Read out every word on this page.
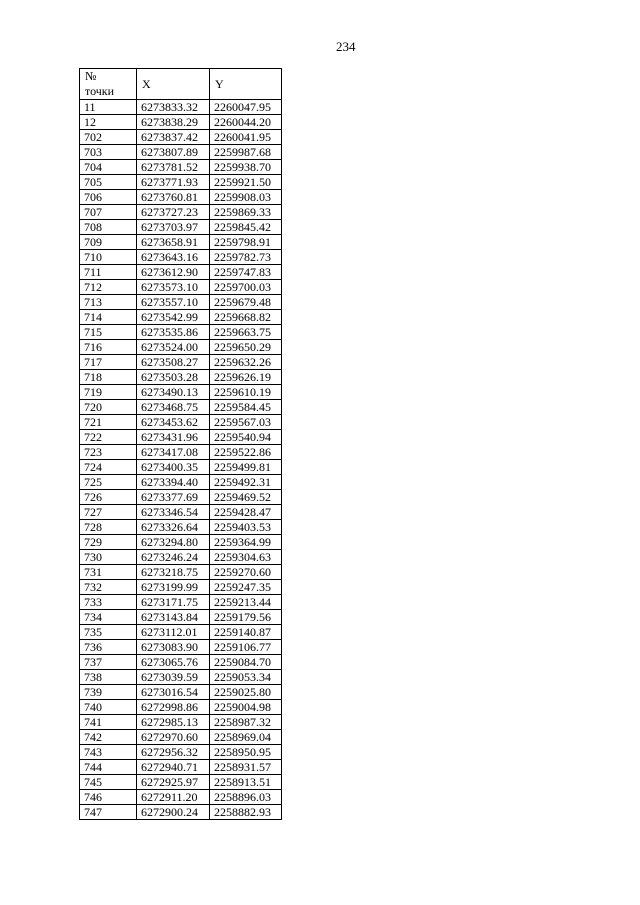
234
№
точки	X	Y
11	6273833.32	2260047.95
12	6273838.29	2260044.20
702	6273837.42	2260041.95
703	6273807.89	2259987.68
704	6273781.52	2259938.70
705	6273771.93	2259921.50
706	6273760.81	2259908.03
707	6273727.23	2259869.33
708	6273703.97	2259845.42
709	6273658.91	2259798.91
710	6273643.16	2259782.73
711	6273612.90	2259747.83
712	6273573.10	2259700.03
713	6273557.10	2259679.48
714	6273542.99	2259668.82
715	6273535.86	2259663.75
716	6273524.00	2259650.29
717	6273508.27	2259632.26
718	6273503.28	2259626.19
719	6273490.13	2259610.19
720	6273468.75	2259584.45
721	6273453.62	2259567.03
722	6273431.96	2259540.94
723	6273417.08	2259522.86
724	6273400.35	2259499.81
725	6273394.40	2259492.31
726	6273377.69	2259469.52
727	6273346.54	2259428.47
728	6273326.64	2259403.53
729	6273294.80	2259364.99
730	6273246.24	2259304.63
731	6273218.75	2259270.60
732	6273199.99	2259247.35
733	6273171.75	2259213.44
734	6273143.84	2259179.56
735	6273112.01	2259140.87
736	6273083.90	2259106.77
737	6273065.76	2259084.70
738	6273039.59	2259053.34
739	6273016.54	2259025.80
740	6272998.86	2259004.98
741	6272985.13	2258987.32
742	6272970.60	2258969.04
743	6272956.32	2258950.95
744	6272940.71	2258931.57
745	6272925.97	2258913.51
746	6272911.20	2258896.03
747	6272900.24	2258882.93
